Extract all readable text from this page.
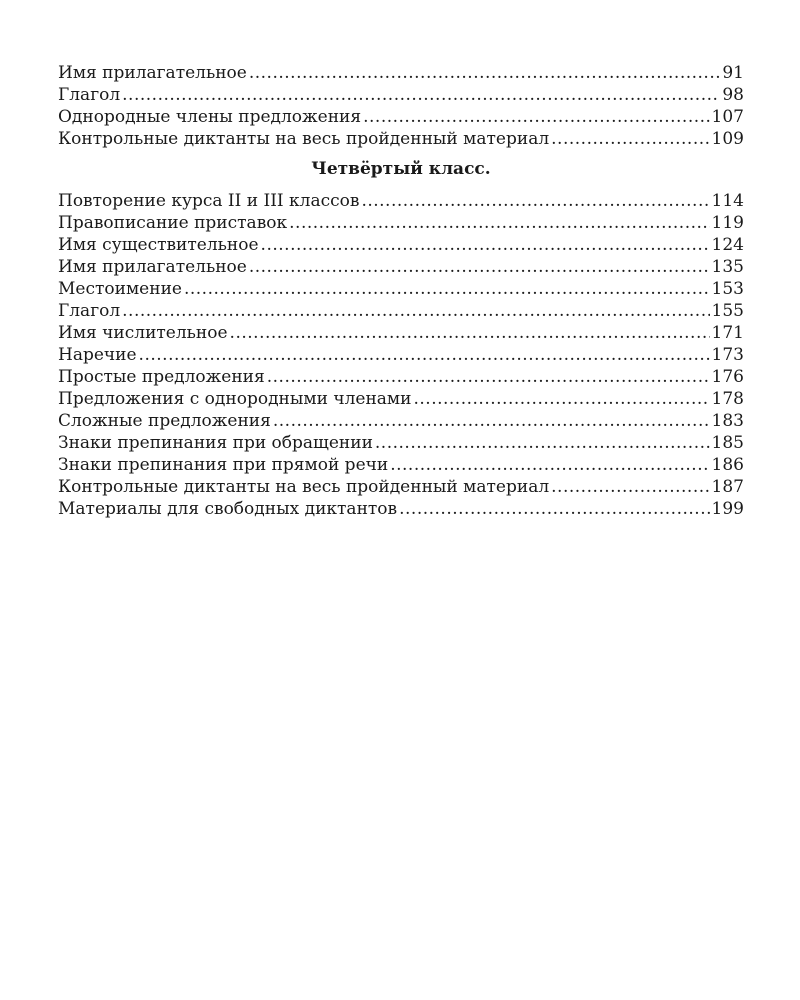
Имя прилагательное .....	91
Глагол .....	98
Однородные члены предложения .....	107
Контрольные диктанты на весь пройденный материал .....	109
Четвёртый класс.
Повторение курса II и III классов .....	114
Правописание приставок .....	119
Имя существительное .....	124
Имя прилагательное .....	135
Местоимение .....	153
Глагол .....	155
Имя числительное .....	171
Наречие .....	173
Простые предложения .....	176
Предложения с однородными членами .....	178
Сложные предложения .....	183
Знаки препинания при обращении .....	185
Знаки препинания при прямой речи .....	186
Контрольные диктанты на весь пройденный материал .....	187
Материалы для свободных диктантов .....	199
